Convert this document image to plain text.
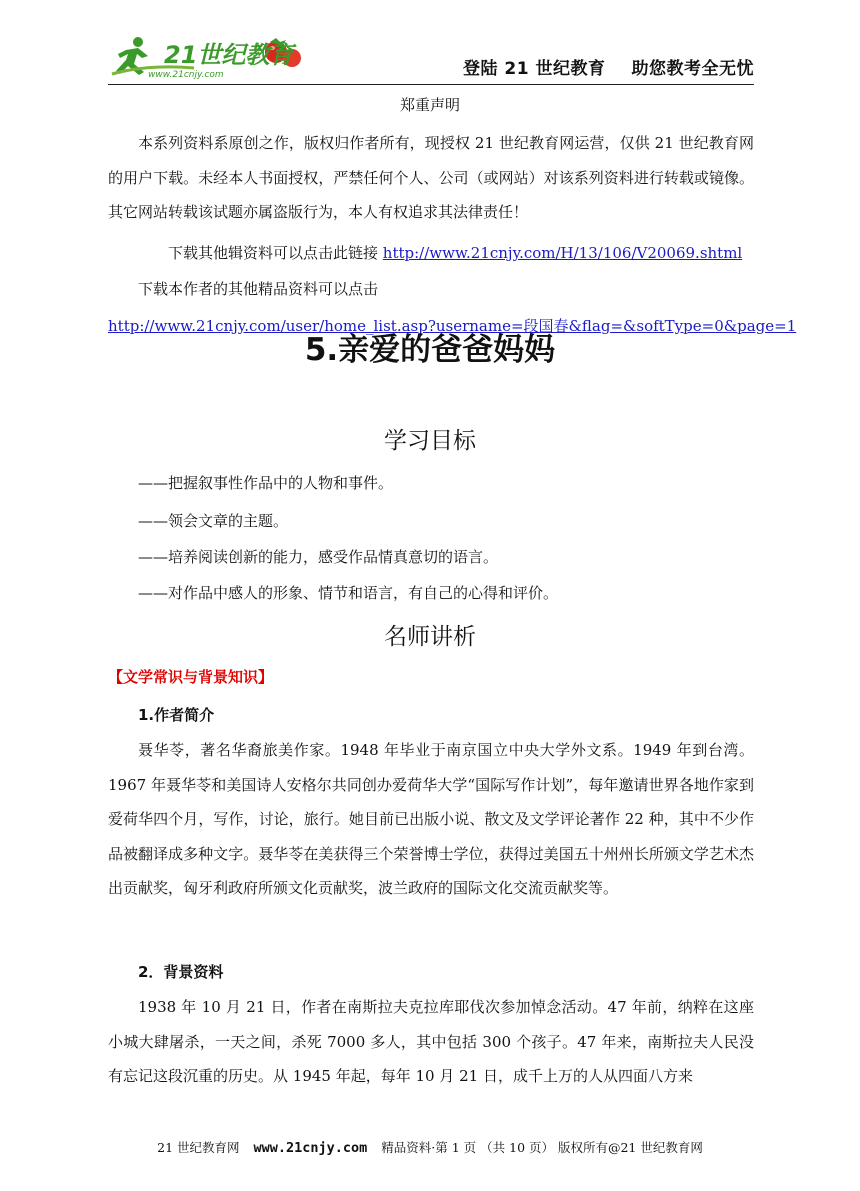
21世纪教育
www.21cnjy.com	登陆 21 世纪教育 助您教考全无忧
郑重声明
本系列资料系原创之作，版权归作者所有，现授权 21 世纪教育网运营，仅供 21 世纪教育网的用户下载。未经本人书面授权，严禁任何个人、公司（或网站）对该系列资料进行转载或镜像。其它网站转载该试题亦属盗版行为，本人有权追求其法律责任！
下载其他辑资料可以点击此链接 http://www.21cnjy.com/H/13/106/V20069.shtml
下载本作者的其他精品资料可以点击
http://www.21cnjy.com/user/home_list.asp?username=段国春&flag=&softType=0&page=1
5.亲爱的爸爸妈妈
学习目标
——把握叙事性作品中的人物和事件。
——领会文章的主题。
——培养阅读创新的能力，感受作品情真意切的语言。
——对作品中感人的形象、情节和语言，有自己的心得和评价。
名师讲析
【文学常识与背景知识】
1.作者简介
聂华苓，著名华裔旅美作家。1948 年毕业于南京国立中央大学外文系。1949 年到台湾。1967 年聂华苓和美国诗人安格尔共同创办爱荷华大学“国际写作计划”，每年邀请世界各地作家到爱荷华四个月，写作，讨论，旅行。她目前已出版小说、散文及文学评论著作 22 种，其中不少作品被翻译成多种文字。聂华苓在美获得三个荣誉博士学位，获得过美国五十州州长所颁文学艺术杰出贡献奖，匈牙利政府所颁文化贡献奖，波兰政府的国际文化交流贡献奖等。
2．背景资料
1938 年 10 月 21 日，作者在南斯拉夫克拉库耶伐次参加悼念活动。47 年前，纳粹在这座小城大肆屠杀，一天之间，杀死 7000 多人，其中包括 300 个孩子。47 年来，南斯拉夫人民没有忘记这段沉重的历史。从 1945 年起，每年 10 月 21 日，成千上万的人从四面八方来
21 世纪教育网 www.21cnjy.com 精品资料·第 1 页 （共 10 页） 版权所有@21 世纪教育网
